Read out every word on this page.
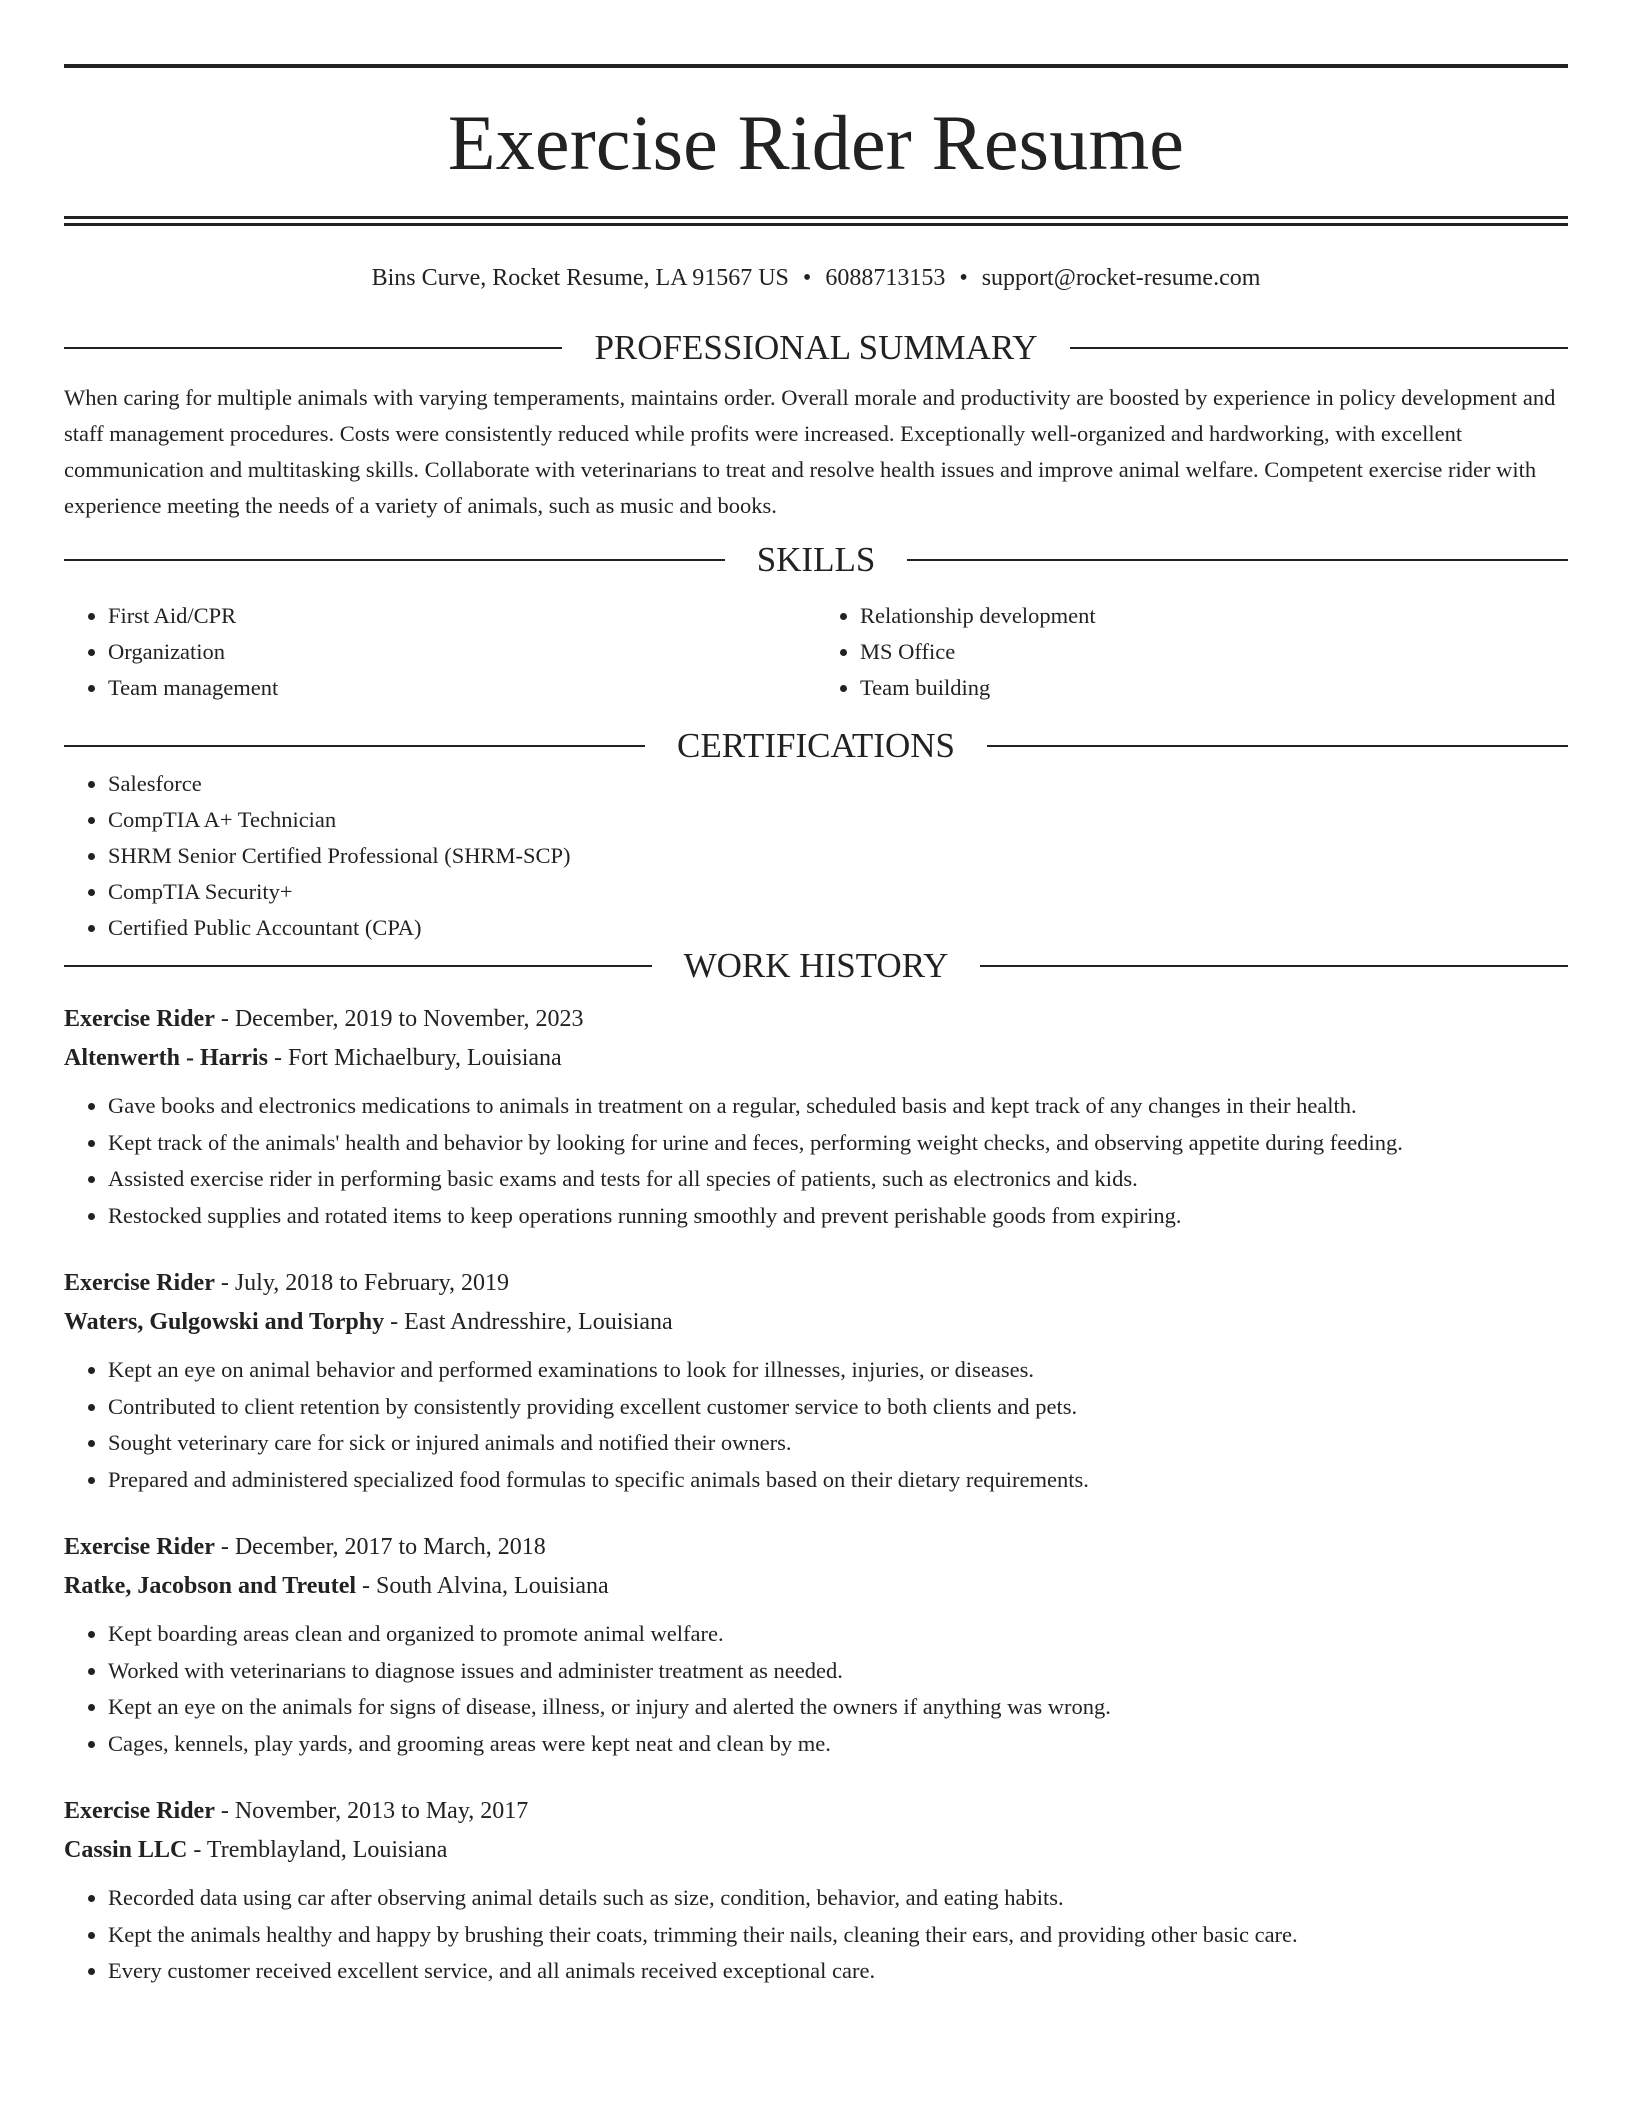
Exercise Rider Resume
Bins Curve, Rocket Resume, LA 91567 US • 6088713153 • support@rocket-resume.com
PROFESSIONAL SUMMARY

When caring for multiple animals with varying temperaments, maintains order. Overall morale and productivity are boosted by experience in policy development and staff management procedures. Costs were consistently reduced while profits were increased. Exceptionally well-organized and hardworking, with excellent communication and multitasking skills. Collaborate with veterinarians to treat and resolve health issues and improve animal welfare. Competent exercise rider with experience meeting the needs of a variety of animals, such as music and books.

SKILLS
• First Aid/CPR
• Organization
• Team management
• Relationship development
• MS Office
• Team building
CERTIFICATIONS
• Salesforce
• CompTIA A+ Technician
• SHRM Senior Certified Professional (SHRM-SCP)
• CompTIA Security+
• Certified Public Accountant (CPA)
WORK HISTORY
Exercise Rider - December, 2019 to November, 2023
Altenwerth - Harris - Fort Michaelbury, Louisiana
• Gave books and electronics medications to animals in treatment on a regular, scheduled basis and kept track of any changes in their health.
• Kept track of the animals' health and behavior by looking for urine and feces, performing weight checks, and observing appetite during feeding.
• Assisted exercise rider in performing basic exams and tests for all species of patients, such as electronics and kids.
• Restocked supplies and rotated items to keep operations running smoothly and prevent perishable goods from expiring.
Exercise Rider - July, 2018 to February, 2019
Waters, Gulgowski and Torphy - East Andresshire, Louisiana
• Kept an eye on animal behavior and performed examinations to look for illnesses, injuries, or diseases.
• Contributed to client retention by consistently providing excellent customer service to both clients and pets.
• Sought veterinary care for sick or injured animals and notified their owners.
• Prepared and administered specialized food formulas to specific animals based on their dietary requirements.
Exercise Rider - December, 2017 to March, 2018
Ratke, Jacobson and Treutel - South Alvina, Louisiana
• Kept boarding areas clean and organized to promote animal welfare.
• Worked with veterinarians to diagnose issues and administer treatment as needed.
• Kept an eye on the animals for signs of disease, illness, or injury and alerted the owners if anything was wrong.
• Cages, kennels, play yards, and grooming areas were kept neat and clean by me.
Exercise Rider - November, 2013 to May, 2017
Cassin LLC - Tremblayland, Louisiana
• Recorded data using car after observing animal details such as size, condition, behavior, and eating habits.
• Kept the animals healthy and happy by brushing their coats, trimming their nails, cleaning their ears, and providing other basic care.
• Every customer received excellent service, and all animals received exceptional care.
